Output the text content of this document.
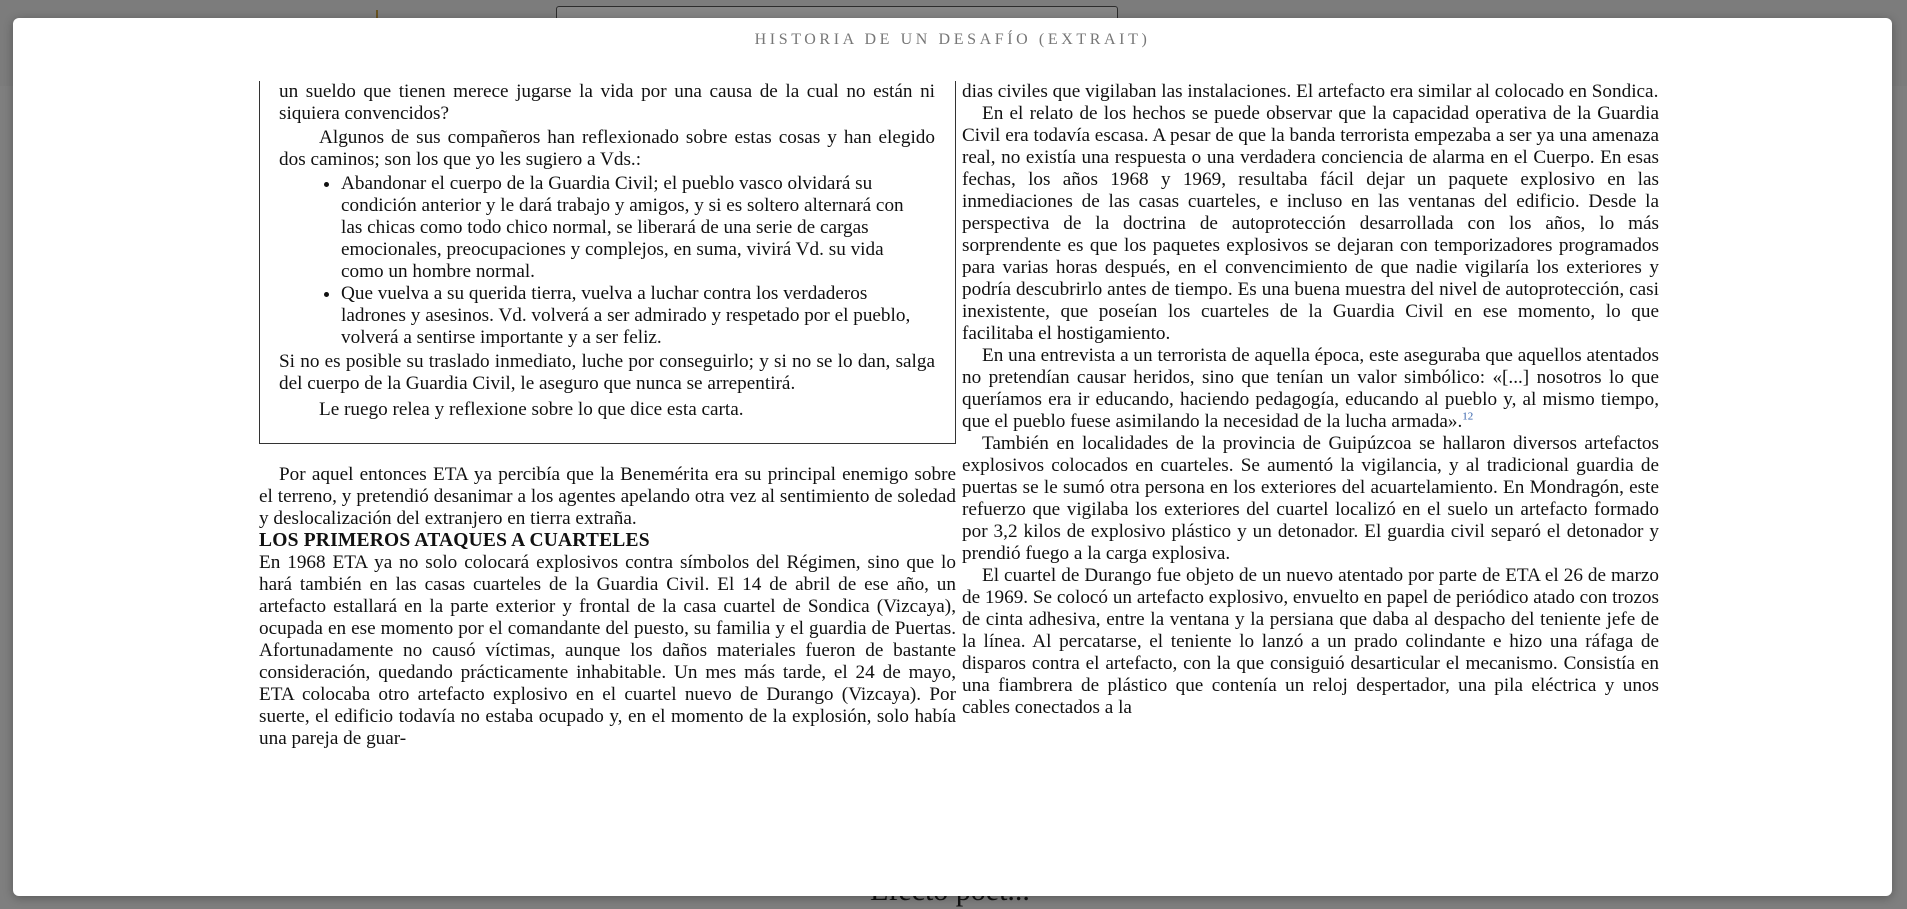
HISTORIA DE UN DESAFÍO (EXTRAIT)

un sueldo que tienen merece jugarse la vida por una causa de la cual no están ni siquiera convencidos?

Algunos de sus compañeros han reflexionado sobre estas cosas y han elegido dos caminos; son los que yo les sugiero a Vds.:

• Abandonar el cuerpo de la Guardia Civil; el pueblo vasco olvidará su condición anterior y le dará trabajo y amigos, y si es soltero alternará con las chicas como todo chico normal, se liberará de una serie de cargas emocionales, preocupaciones y complejos, en suma, vivirá Vd. su vida como un hombre normal.
• Que vuelva a su querida tierra, vuelva a luchar contra los verdaderos ladrones y asesinos. Vd. volverá a ser admirado y respetado por el pueblo, volverá a sentirse importante y a ser feliz.

Si no es posible su traslado inmediato, luche por conseguirlo; y si no se lo dan, salga del cuerpo de la Guardia Civil, le aseguro que nunca se arrepentirá.

Le ruego relea y reflexione sobre lo que dice esta carta.

Por aquel entonces ETA ya percibía que la Benemérita era su principal enemigo sobre el terreno, y pretendió desanimar a los agentes apelando otra vez al sentimiento de soledad y deslocalización del extranjero en tierra extraña.

LOS PRIMEROS ATAQUES A CUARTELES

En 1968 ETA ya no solo colocará explosivos contra símbolos del Régimen, sino que lo hará también en las casas cuarteles de la Guardia Civil. El 14 de abril de ese año, un artefacto estallará en la parte exterior y frontal de la casa cuartel de Sondica (Vizcaya), ocupada en ese momento por el comandante del puesto, su familia y el guardia de Puertas. Afortunadamente no causó víctimas, aunque los daños materiales fueron de bastante consideración, quedando prácticamente inhabitable. Un mes más tarde, el 24 de mayo, ETA colocaba otro artefacto explosivo en el cuartel nuevo de Durango (Vizcaya). Por suerte, el edificio todavía no estaba ocupado y, en el momento de la explosión, solo había una pareja de guar-

dias civiles que vigilaban las instalaciones. El artefacto era similar al colocado en Sondica.

En el relato de los hechos se puede observar que la capacidad operativa de la Guardia Civil era todavía escasa. A pesar de que la banda terrorista empezaba a ser ya una amenaza real, no existía una respuesta o una verdadera conciencia de alarma en el Cuerpo. En esas fechas, los años 1968 y 1969, resultaba fácil dejar un paquete explosivo en las inmediaciones de las casas cuarteles, e incluso en las ventanas del edificio. Desde la perspectiva de la doctrina de autoprotección desarrollada con los años, lo más sorprendente es que los paquetes explosivos se dejaran con temporizadores programados para varias horas después, en el convencimiento de que nadie vigilaría los exteriores y podría descubrirlo antes de tiempo. Es una buena muestra del nivel de autoprotección, casi inexistente, que poseían los cuarteles de la Guardia Civil en ese momento, lo que facilitaba el hostigamiento.

En una entrevista a un terrorista de aquella época, este aseguraba que aquellos atentados no pretendían causar heridos, sino que tenían un valor simbólico: «[...] nosotros lo que queríamos era ir educando, haciendo pedagogía, educando al pueblo y, al mismo tiempo, que el pueblo fuese asimilando la necesidad de la lucha armada».$^{12}$

También en localidades de la provincia de Guipúzcoa se hallaron diversos artefactos explosivos colocados en cuarteles. Se aumentó la vigilancia, y al tradicional guardia de puertas se le sumó otra persona en los exteriores del acuartelamiento. En Mondragón, este refuerzo que vigilaba los exteriores del cuartel localizó en el suelo un artefacto formado por 3,2 kilos de explosivo plástico y un detonador. El guardia civil separó el detonador y prendió fuego a la carga explosiva.

El cuartel de Durango fue objeto de un nuevo atentado por parte de ETA el 26 de marzo de 1969. Se colocó un artefacto explosivo, envuelto en papel de periódico atado con trozos de cinta adhesiva, entre la ventana y la persiana que daba al despacho del teniente jefe de la línea. Al percatarse, el teniente lo lanzó a un prado colindante e hizo una ráfaga de disparos contra el artefacto, con la que consiguió desarticular el mecanismo. Consistía en una fiambrera de plástico que contenía un reloj despertador, una pila eléctrica y unos cables conectados a la
